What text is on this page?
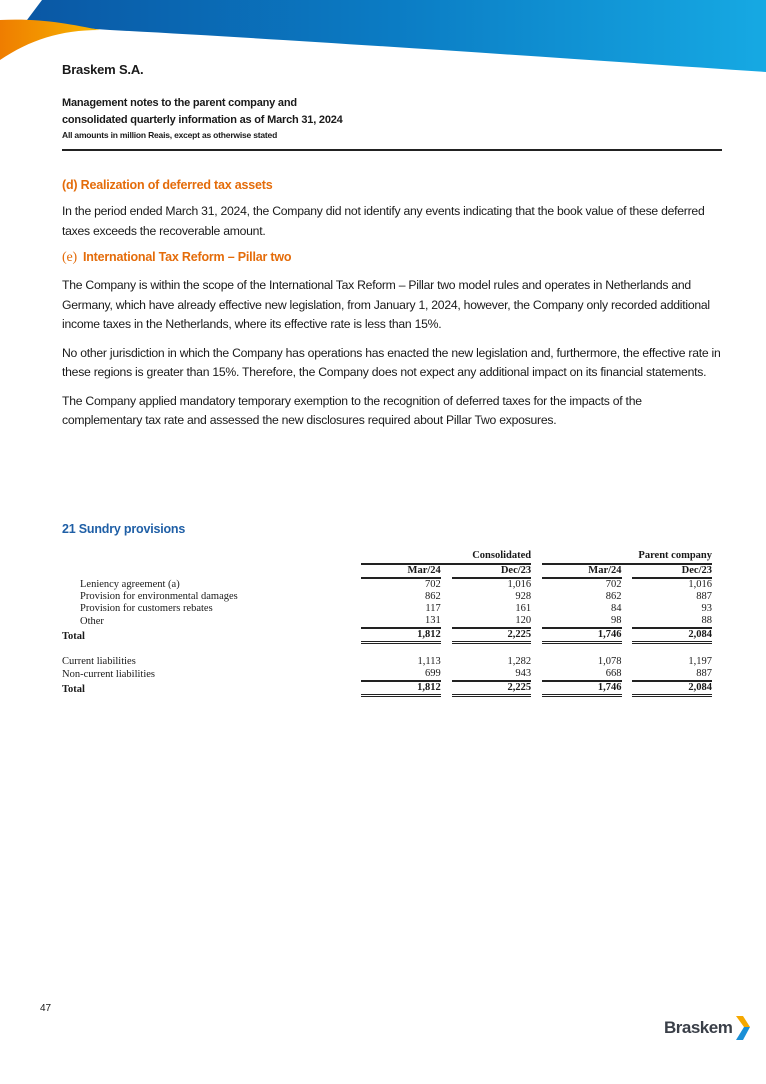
Braskem S.A.
Management notes to the parent company and
consolidated quarterly information as of March 31, 2024
All amounts in million Reais, except as otherwise stated
(d) Realization of deferred tax assets

In the period ended March 31, 2024, the Company did not identify any events indicating that the book value of these deferred taxes exceeds the recoverable amount.

(e) International Tax Reform – Pillar two

The Company is within the scope of the International Tax Reform – Pillar two model rules and operates in Netherlands and Germany, which have already effective new legislation, from January 1, 2024, however, the Company only recorded additional income taxes in the Netherlands, where its effective rate is less than 15%.

No other jurisdiction in which the Company has operations has enacted the new legislation and, furthermore, the effective rate in these regions is greater than 15%. Therefore, the Company does not expect any additional impact on its financial statements.

The Company applied mandatory temporary exemption to the recognition of deferred taxes for the impacts of the complementary tax rate and assessed the new disclosures required about Pillar Two exposures.

21 Sundry provisions
		Consolidated				Parent company		
		Mar/24		Dec/23		Mar/24		Dec/23
Leniency agreement (a)		702		1,016		702		1,016
Provision for environmental damages		862		928		862		887
Provision for customers rebates		117		161		84		93
Other		131		120		98		88
Total		1,812		2,225		1,746		2,084

Current liabilities		1,113		1,282		1,078		1,197
Non-current liabilities		699		943		668		887
Total		1,812		2,225		1,746		2,084
47
Braskem
